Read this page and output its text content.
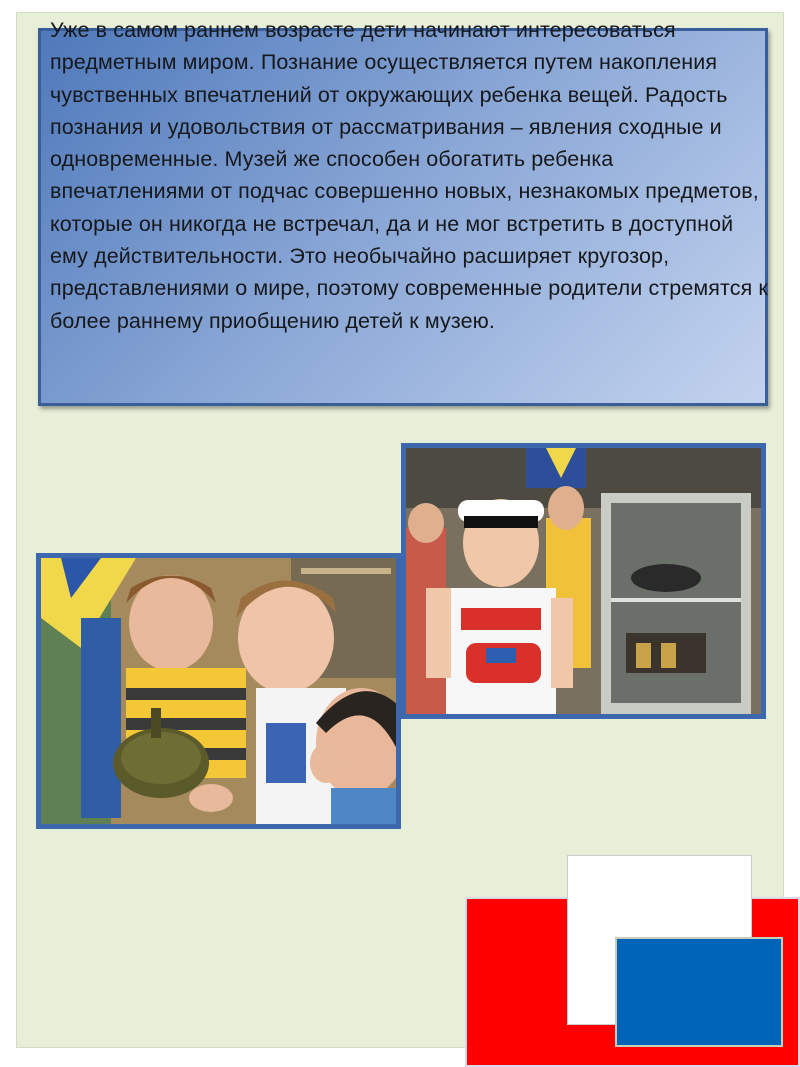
Уже в самом раннем возрасте дети начинают интересоваться предметным миром. Познание осуществляется путем накопления чувственных впечатлений от окружающих ребенка вещей. Радость познания и удовольствия от рассматривания – явления сходные и одновременные. Музей же способен обогатить ребенка впечатлениями от подчас совершенно новых, незнакомых предметов, которые он никогда не встречал, да и не мог встретить в доступной ему действительности. Это необычайно расширяет кругозор, представлениями о мире, поэтому современные родители стремятся к более раннему приобщению детей к музею.
